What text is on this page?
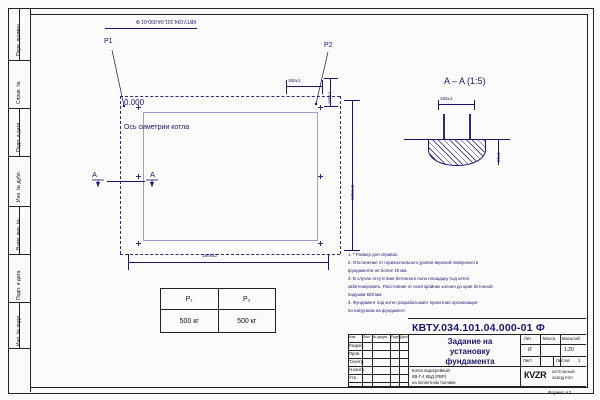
Перв. примен.
Справ. №
Подп. и дата
Инв. № дубл.
Взам. инв. №
Подп. и дата
Инв. № подл.
КВТУ.034.101.04.000-01 Ф
P1
P2
0.000
Ось симетрии котла
A	A
160±1
160±1
6604±2
1805±2
A – A (1:5)
160±1
50±1
1. * Размер для справок.
2. Отклонение от горизонтального уровня верхней поверхности
фундамента не более 10 мм.
3. В случае отсутствия бетонного пола площадку под котел
забетонировать. Расстояние от осей крайних колонн до края бетонной
подушки 500 мм.
4. Фундамент под котел разрабатывает проектная организация
по нагрузкам на фундамент.
P₁	P₂
500 кг	500 кг
КВТУ.034.101.04.000-01 Ф
Задание на
установку
фундамента
Котел водогрейный
КВ-Г-4 КБД (РВР)
на пеллетном топливе
Лит.	Масса Масштаб
И	1:20
Лист	Листов 1
КVZR КОТЕЛЬНЫЙ
ЗАВОД РЭП
Изм. Лист № докум. Подп. Дата
Разраб.
Пров.
Т.контр.
Н.контр.
Утв.
Формат А3
